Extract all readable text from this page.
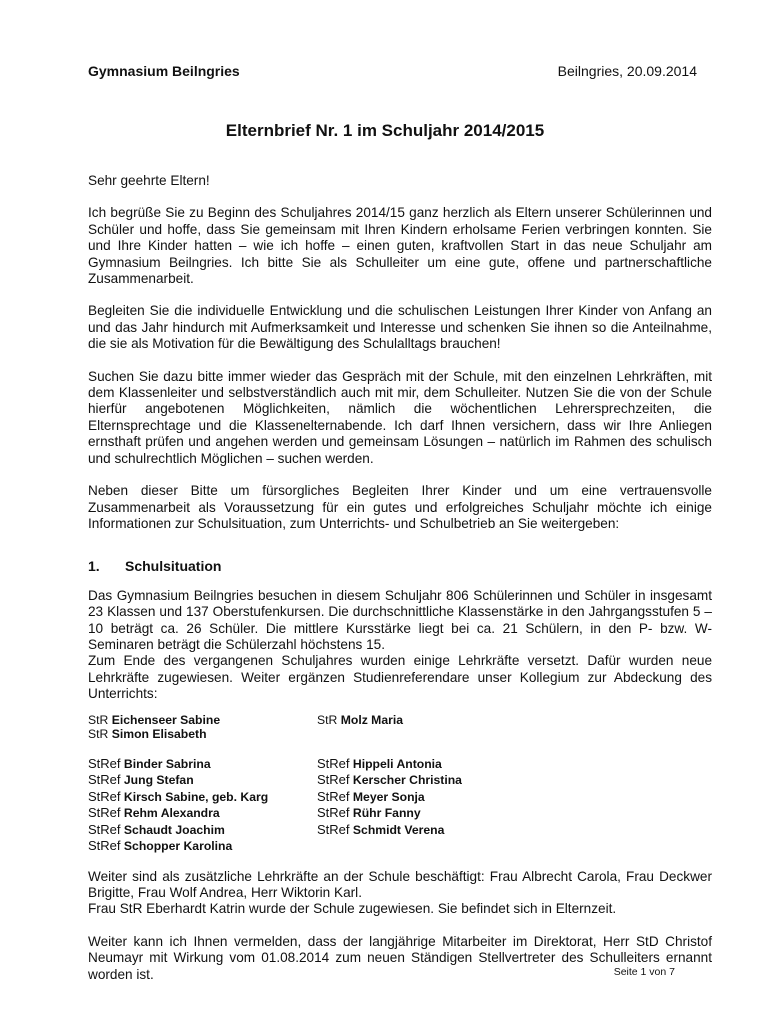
Gymnasium Beilngries	Beilngries, 20.09.2014
Elternbrief Nr. 1 im Schuljahr 2014/2015

Sehr geehrte Eltern!

Ich begrüße Sie zu Beginn des Schuljahres 2014/15 ganz herzlich als Eltern unserer Schülerinnen und Schüler und hoffe, dass Sie gemeinsam mit Ihren Kindern erholsame Ferien verbringen konnten. Sie und Ihre Kinder hatten – wie ich hoffe – einen guten, kraftvollen Start in das neue Schuljahr am Gymnasium Beilngries. Ich bitte Sie als Schulleiter um eine gute, offene und partnerschaftliche Zusammenarbeit.

Begleiten Sie die individuelle Entwicklung und die schulischen Leistungen Ihrer Kinder von Anfang an und das Jahr hindurch mit Aufmerksamkeit und Interesse und schenken Sie ihnen so die Anteilnahme, die sie als Motivation für die Bewältigung des Schulalltags brauchen!

Suchen Sie dazu bitte immer wieder das Gespräch mit der Schule, mit den einzelnen Lehrkräften, mit dem Klassenleiter und selbstverständlich auch mit mir, dem Schulleiter. Nutzen Sie die von der Schule hierfür angebotenen Möglichkeiten, nämlich die wöchentlichen Lehrersprechzeiten, die Elternsprechtage und die Klassenelternabende. Ich darf Ihnen versichern, dass wir Ihre Anliegen ernsthaft prüfen und angehen werden und gemeinsam Lösungen – natürlich im Rahmen des schulisch und schulrechtlich Möglichen – suchen werden.

Neben dieser Bitte um fürsorgliches Begleiten Ihrer Kinder und um eine vertrauensvolle Zusammenarbeit als Voraussetzung für ein gutes und erfolgreiches Schuljahr möchte ich einige Informationen zur Schulsituation, zum Unterrichts- und Schulbetrieb an Sie weitergeben:

1. Schulsituation

Das Gymnasium Beilngries besuchen in diesem Schuljahr 806 Schülerinnen und Schüler in insgesamt 23 Klassen und 137 Oberstufenkursen. Die durchschnittliche Klassenstärke in den Jahrgangsstufen 5 – 10 beträgt ca. 26 Schüler. Die mittlere Kursstärke liegt bei ca. 21 Schülern, in den P- bzw. W-Seminaren beträgt die Schülerzahl höchstens 15.

Zum Ende des vergangenen Schuljahres wurden einige Lehrkräfte versetzt. Dafür wurden neue Lehrkräfte zugewiesen. Weiter ergänzen Studienreferendare unser Kollegium zur Abdeckung des Unterrichts:

StR Eichenseer Sabine	StR Molz Maria
StR Simon Elisabeth
StRef Binder Sabrina	StRef Hippeli Antonia
StRef Jung Stefan	StRef Kerscher Christina
StRef Kirsch Sabine, geb. Karg	StRef Meyer Sonja
StRef Rehm Alexandra	StRef Rühr Fanny
StRef Schaudt Joachim	StRef Schmidt Verena
StRef Schopper Karolina

Weiter sind als zusätzliche Lehrkräfte an der Schule beschäftigt: Frau Albrecht Carola, Frau Deckwer Brigitte, Frau Wolf Andrea, Herr Wiktorin Karl.

Frau StR Eberhardt Katrin wurde der Schule zugewiesen. Sie befindet sich in Elternzeit.

Weiter kann ich Ihnen vermelden, dass der langjährige Mitarbeiter im Direktorat, Herr StD Christof Neumayr mit Wirkung vom 01.08.2014 zum neuen Ständigen Stellvertreter des Schulleiters ernannt worden ist.	Seite 1 von 7
